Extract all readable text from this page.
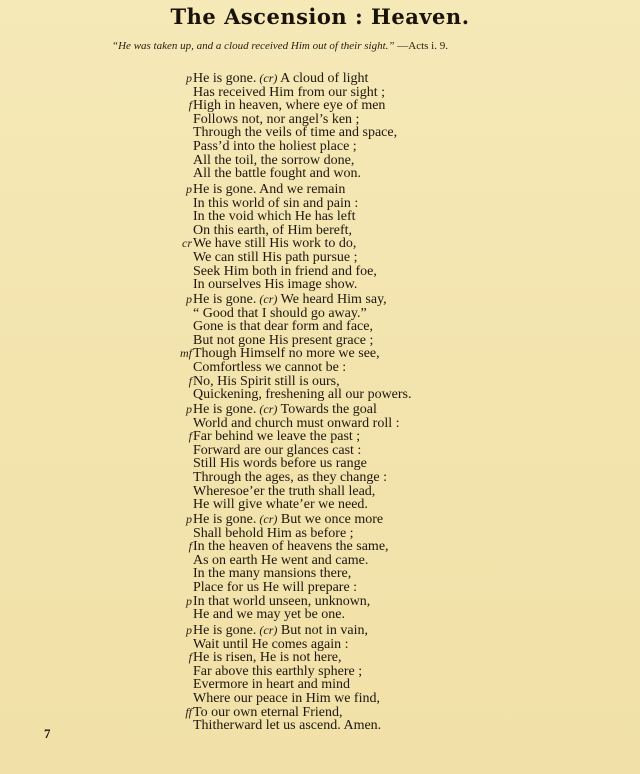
The Ascension : Heaven.
“He was taken up, and a cloud received Him out of their sight.” —Acts i. 9.
p He is gone. (cr) A cloud of light
Has received Him from our sight ;
f High in heaven, where eye of men
Follows not, nor angel’s ken ;
Through the veils of time and space,
Pass’d into the holiest place ;
All the toil, the sorrow done,
All the battle fought and won.
p He is gone. And we remain
In this world of sin and pain :
In the void which He has left
On this earth, of Him bereft,
cr We have still His work to do,
We can still His path pursue ;
Seek Him both in friend and foe,
In ourselves His image show.
p He is gone. (cr) We heard Him say,
“ Good that I should go away.”
Gone is that dear form and face,
But not gone His present grace ;
mf Though Himself no more we see,
Comfortless we cannot be :
f No, His Spirit still is ours,
Quickening, freshening all our powers.
p He is gone. (cr) Towards the goal
World and church must onward roll :
f Far behind we leave the past ;
Forward are our glances cast :
Still His words before us range
Through the ages, as they change :
Wheresoe’er the truth shall lead,
He will give whate’er we need.
p He is gone. (cr) But we once more
Shall behold Him as before ;
f In the heaven of heavens the same,
As on earth He went and came.
In the many mansions there,
Place for us He will prepare :
p In that world unseen, unknown,
He and we may yet be one.
p He is gone. (cr) But not in vain,
Wait until He comes again :
f He is risen, He is not here,
Far above this earthly sphere ;
Evermore in heart and mind
Where our peace in Him we find,
ff To our own eternal Friend,
Thitherward let us ascend. Amen.
7
